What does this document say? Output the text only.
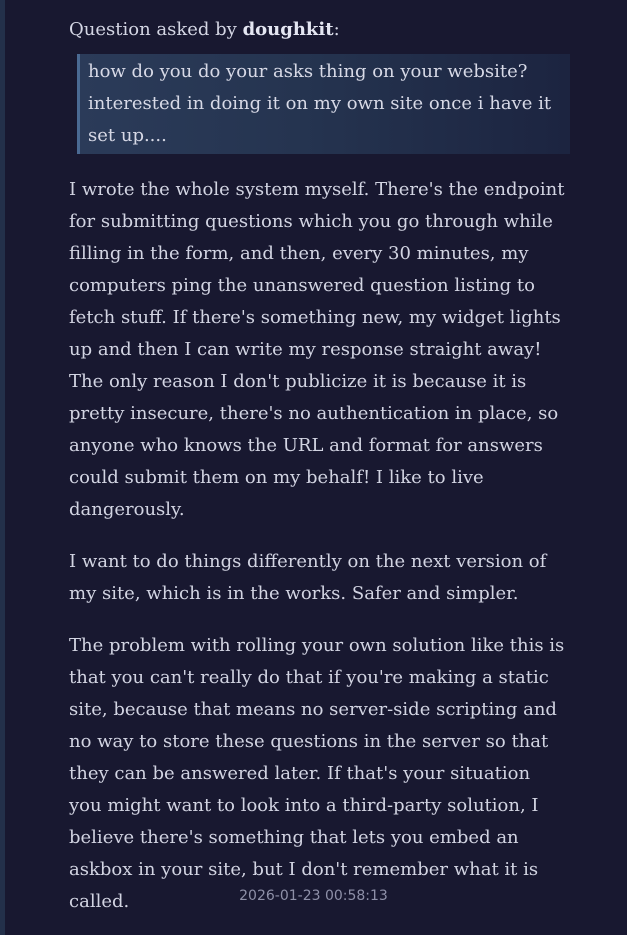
Question asked by doughkit:

how do you do your asks thing on your website? interested in doing it on my own site once i have it set up....

I wrote the whole system myself. There's the endpoint for submitting questions which you go through while filling in the form, and then, every 30 minutes, my computers ping the unanswered question listing to fetch stuff. If there's something new, my widget lights up and then I can write my response straight away! The only reason I don't publicize it is because it is pretty insecure, there's no authentication in place, so anyone who knows the URL and format for answers could submit them on my behalf! I like to live dangerously.

I want to do things differently on the next version of my site, which is in the works. Safer and simpler.

The problem with rolling your own solution like this is that you can't really do that if you're making a static site, because that means no server-side scripting and no way to store these questions in the server so that they can be answered later. If that's your situation you might want to look into a third-party solution, I believe there's something that lets you embed an askbox in your site, but I don't remember what it is called.	2026-01-23 00:58:13
